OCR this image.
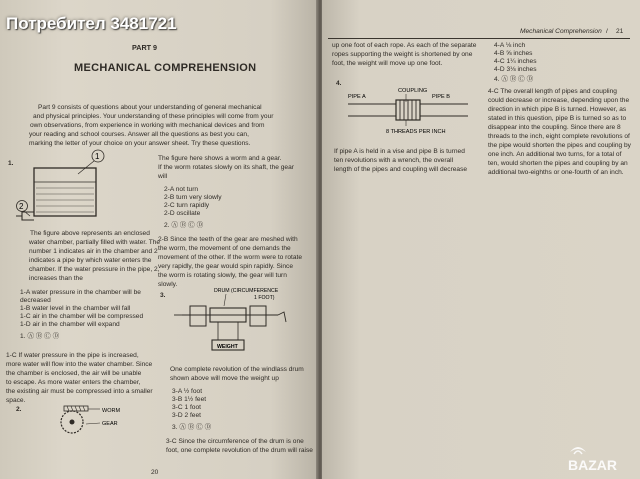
PART 9
MECHANICAL COMPREHENSION
Part 9 consists of questions about your understanding of general mechanical
and physical principles. Your understanding of these principles will come from your
own observations, from experience in working with mechanical devices and from
your reading and school courses. Answer all the questions as best you can,
marking the letter of your choice on your answer sheet. Try these questions.
1.
1
2
The figure above represents an enclosed
water chamber, partially filled with water. The
number 1 indicates air in the chamber and 2
indicates a pipe by which water enters the
chamber. If the water pressure in the pipe, 2,
increases than the
1-A water pressure in the chamber will be
decreased
1-B water level in the chamber will fall
1-C air in the chamber will be compressed
1-D air in the chamber will expand
1. Ⓐ Ⓑ Ⓒ Ⓓ
1-C If water pressure in the pipe is increased,
more water will flow into the water chamber. Since
the chamber is enclosed, the air will be unable
to escape. As more water enters the chamber,
the existing air must be compressed into a smaller
space.
2.	WORM
GEAR
The figure here shows a worm and a gear.
If the worm rotates slowly on its shaft, the gear
will
2-A not turn
2-B turn very slowly
2-C turn rapidly
2-D oscillate
2. Ⓐ Ⓑ Ⓒ Ⓓ
2-B Since the teeth of the gear are meshed with
the worm, the movement of one demands the
movement of the other. If the worm were to rotate
very rapidly, the gear would spin rapidly. Since
the worm is rotating slowly, the gear will turn
slowly.
3.
DRUM (CIRCUMFERENCE
1 FOOT)
WEIGHT
One complete revolution of the windlass drum
shown above will move the weight up
3-A ½ foot
3-B 1½ feet
3-C 1 foot
3-D 2 feet
3. Ⓐ Ⓑ Ⓒ Ⓓ
3-C Since the circumference of the drum is one
foot, one complete revolution of the drum will raise
20
Mechanical Comprehension / 21
up one foot of each rope. As each of the separate
ropes supporting the weight is shortened by one
foot, the weight will move up one foot.
4.
COUPLING
PIPE A	PIPE B
8 THREADS PER INCH
If pipe A is held in a vise and pipe B is turned
ten revolutions with a wrench, the overall
length of the pipes and coupling will decrease
4-A ⅛ inch
4-B ⅝ inches
4-C 1¼ inches
4-D 3⅛ inches
4. Ⓐ Ⓑ Ⓒ Ⓓ
4-C The overall length of pipes and coupling
could decrease or increase, depending upon the
direction in which pipe B is turned. However, as
stated in this question, pipe B is turned so as to
disappear into the coupling. Since there are 8
threads to the inch, eight complete revolutions of
the pipe would shorten the pipes and coupling by
one inch. An additional two turns, for a total of
ten, would shorten the pipes and coupling by an
additional two-eighths or one-fourth of an inch.
Потребител 3481721
BAZAR
